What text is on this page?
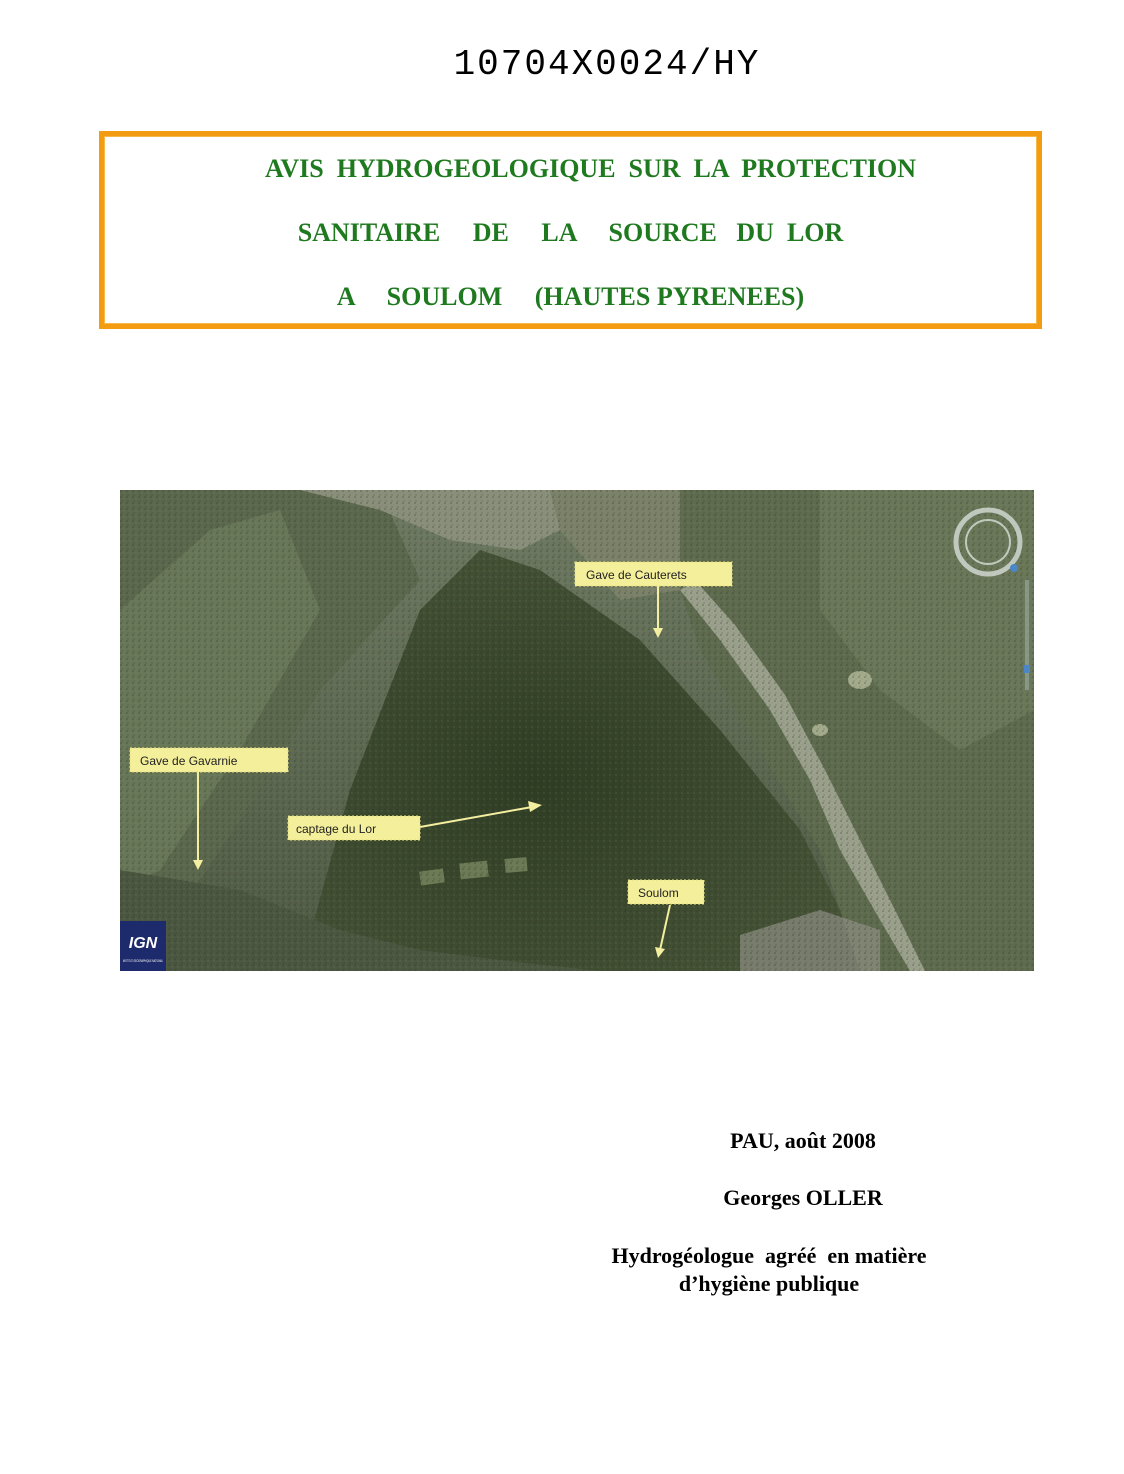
10704X0024/HY
AVIS  HYDROGEOLOGIQUE  SUR  LA  PROTECTION
SANITAIRE     DE     LA     SOURCE   DU  LOR
A     SOULOM     (HAUTES PYRENEES)
IGN
INSTITUT GEOGRAPHIQUE NATIONAL
Gave de Cauterets
Gave de Gavarnie
captage du Lor
Soulom
PAU, août 2008
Georges OLLER
Hydrogéologue  agréé  en matière
d’hygiène publique
